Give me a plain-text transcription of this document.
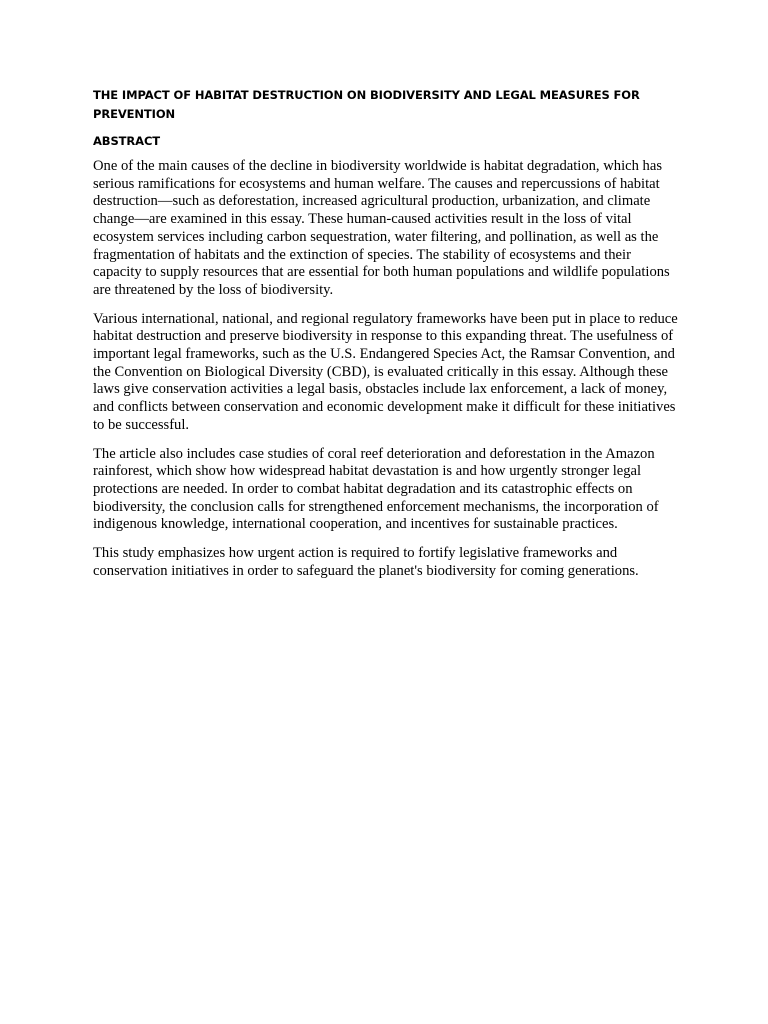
THE IMPACT OF HABITAT DESTRUCTION ON BIODIVERSITY AND LEGAL MEASURES FOR PREVENTION
ABSTRACT

One of the main causes of the decline in biodiversity worldwide is habitat degradation, which has serious ramifications for ecosystems and human welfare. The causes and repercussions of habitat destruction—such as deforestation, increased agricultural production, urbanization, and climate change—are examined in this essay. These human-caused activities result in the loss of vital ecosystem services including carbon sequestration, water filtering, and pollination, as well as the fragmentation of habitats and the extinction of species. The stability of ecosystems and their capacity to supply resources that are essential for both human populations and wildlife populations are threatened by the loss of biodiversity.

Various international, national, and regional regulatory frameworks have been put in place to reduce habitat destruction and preserve biodiversity in response to this expanding threat. The usefulness of important legal frameworks, such as the U.S. Endangered Species Act, the Ramsar Convention, and the Convention on Biological Diversity (CBD), is evaluated critically in this essay. Although these laws give conservation activities a legal basis, obstacles include lax enforcement, a lack of money, and conflicts between conservation and economic development make it difficult for these initiatives to be successful.

The article also includes case studies of coral reef deterioration and deforestation in the Amazon rainforest, which show how widespread habitat devastation is and how urgently stronger legal protections are needed. In order to combat habitat degradation and its catastrophic effects on biodiversity, the conclusion calls for strengthened enforcement mechanisms, the incorporation of indigenous knowledge, international cooperation, and incentives for sustainable practices.

This study emphasizes how urgent action is required to fortify legislative frameworks and conservation initiatives in order to safeguard the planet's biodiversity for coming generations.
